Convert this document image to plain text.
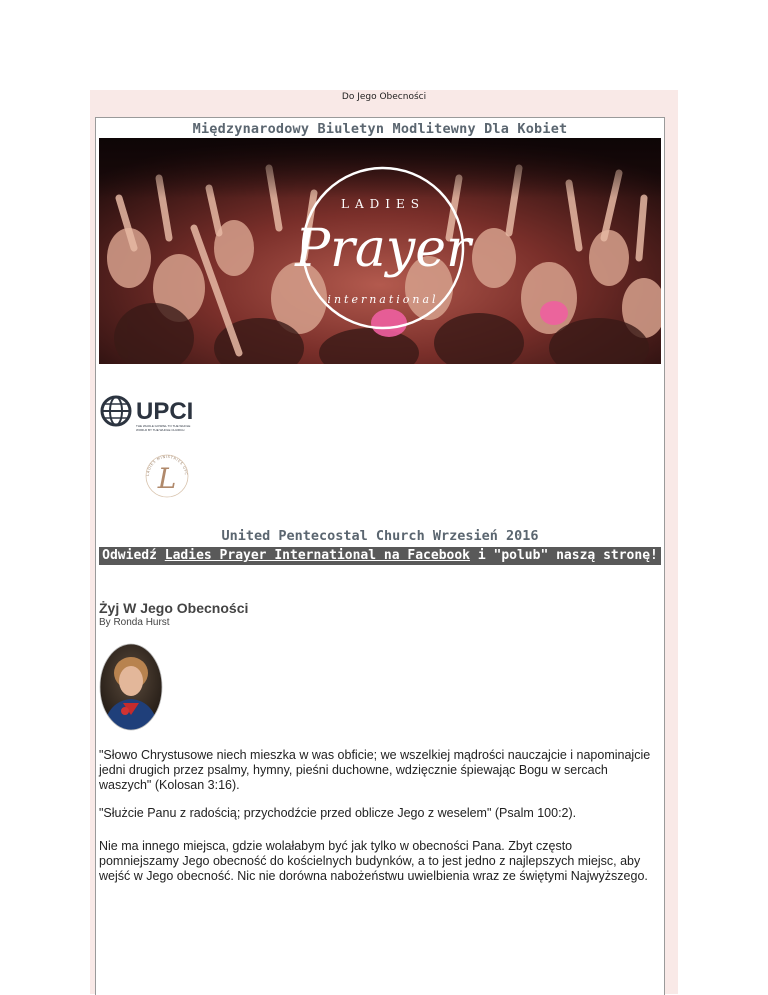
Do Jego Obecności
Międzynarodowy Biuletyn Modlitewny Dla Kobiet
LADIES
Prayer
international
UPCI
THE WHOLE GOSPEL TO THE WHOLE
WORLD BY THE WHOLE CHURCH
LADIES MINISTRIES UPC
L
United Pentecostal Church Wrzesień 2016
Odwiedź Ladies Prayer International na Facebook i "polub" naszą stronę!
Żyj W Jego Obecności
By Ronda Hurst

"Słowo Chrystusowe niech mieszka w was obficie; we wszelkiej mądrości nauczajcie i napominajcie jedni drugich przez psalmy, hymny, pieśni duchowne, wdzięcznie śpiewając Bogu w sercach waszych" (Kolosan 3:16).

"Służcie Panu z radością; przychodźcie przed oblicze Jego z weselem" (Psalm 100:2).

Nie ma innego miejsca, gdzie wolałabym być jak tylko w obecności Pana. Zbyt często pomniejszamy Jego obecność do kościelnych budynków, a to jest jedno z najlepszych miejsc, aby wejść w Jego obecność. Nic nie dorówna nabożeństwu uwielbienia wraz ze świętymi Najwyższego.
